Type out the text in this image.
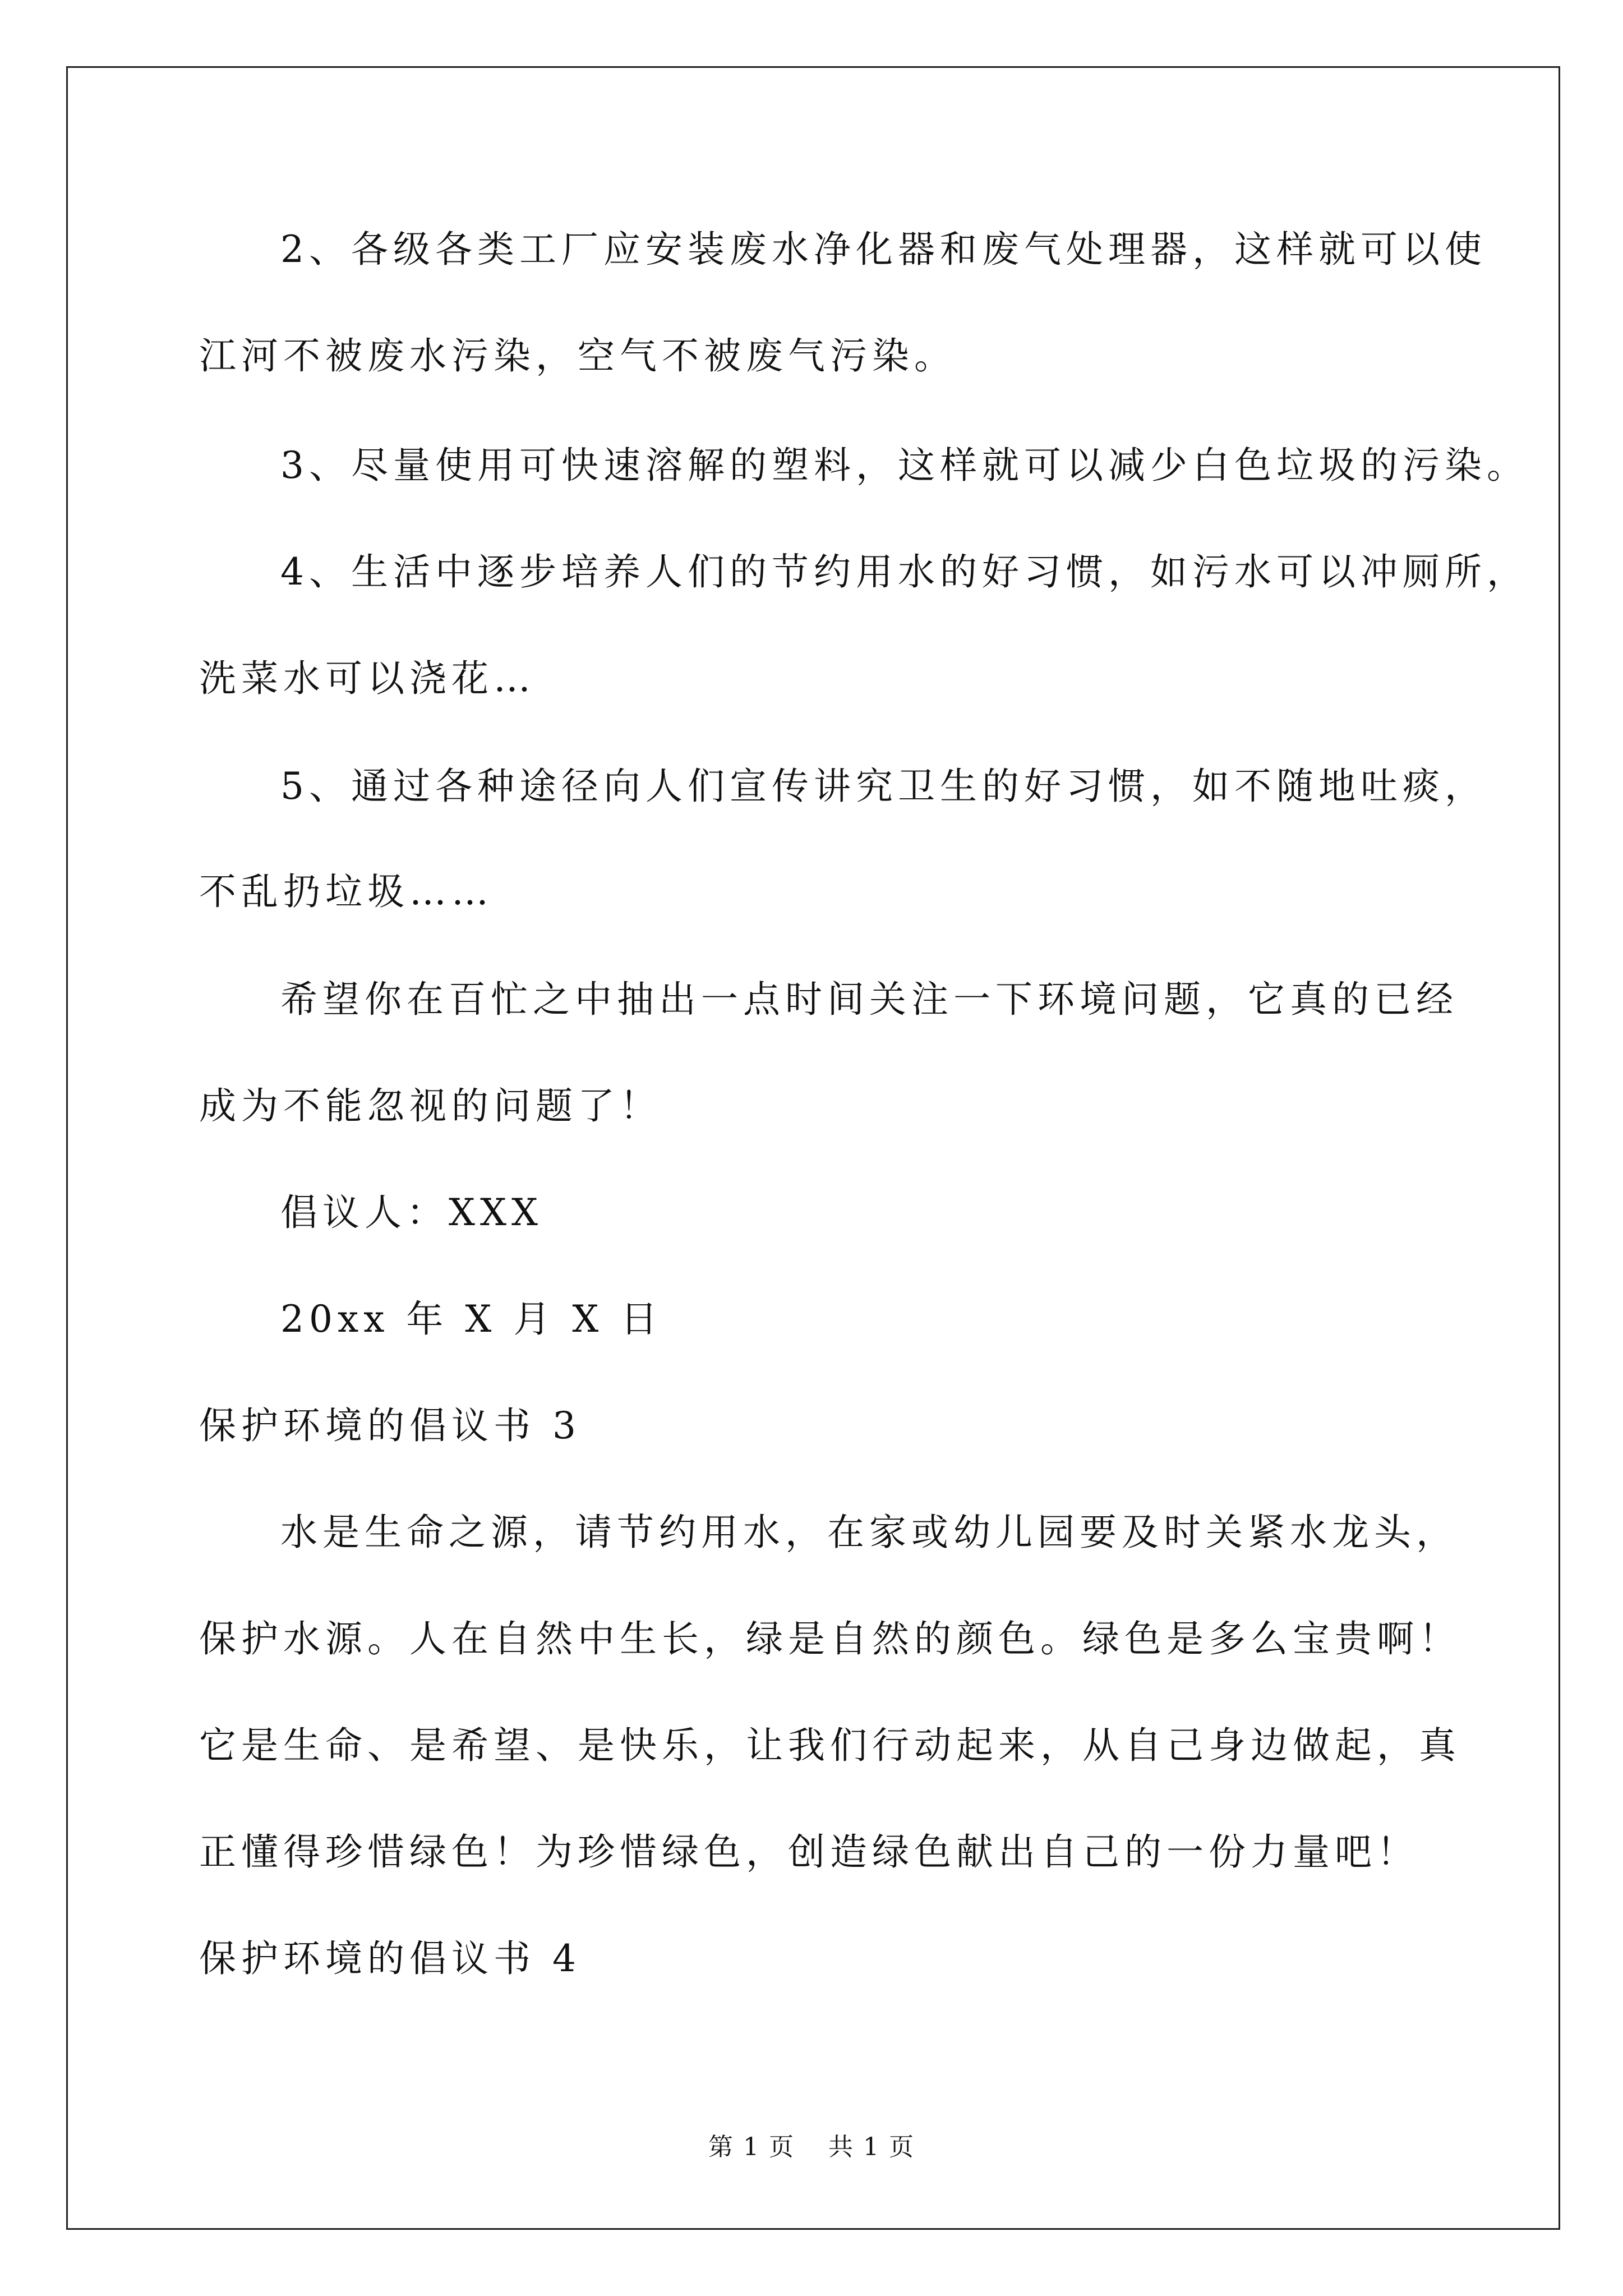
2、各级各类工厂应安装废水净化器和废气处理器，这样就可以使
江河不被废水污染，空气不被废气污染。
3、尽量使用可快速溶解的塑料，这样就可以减少白色垃圾的污染。
4、生活中逐步培养人们的节约用水的好习惯，如污水可以冲厕所，
洗菜水可以浇花…
5、通过各种途径向人们宣传讲究卫生的好习惯，如不随地吐痰，
不乱扔垃圾……
希望你在百忙之中抽出一点时间关注一下环境问题，它真的已经
成为不能忽视的问题了！
倡议人：XXX
20xx 年 X 月 X 日
保护环境的倡议书 3
水是生命之源，请节约用水，在家或幼儿园要及时关紧水龙头，
保护水源。人在自然中生长，绿是自然的颜色。绿色是多么宝贵啊！
它是生命、是希望、是快乐，让我们行动起来，从自己身边做起，真
正懂得珍惜绿色！为珍惜绿色，创造绿色献出自己的一份力量吧！
保护环境的倡议书 4
第 1 页 共 1 页
